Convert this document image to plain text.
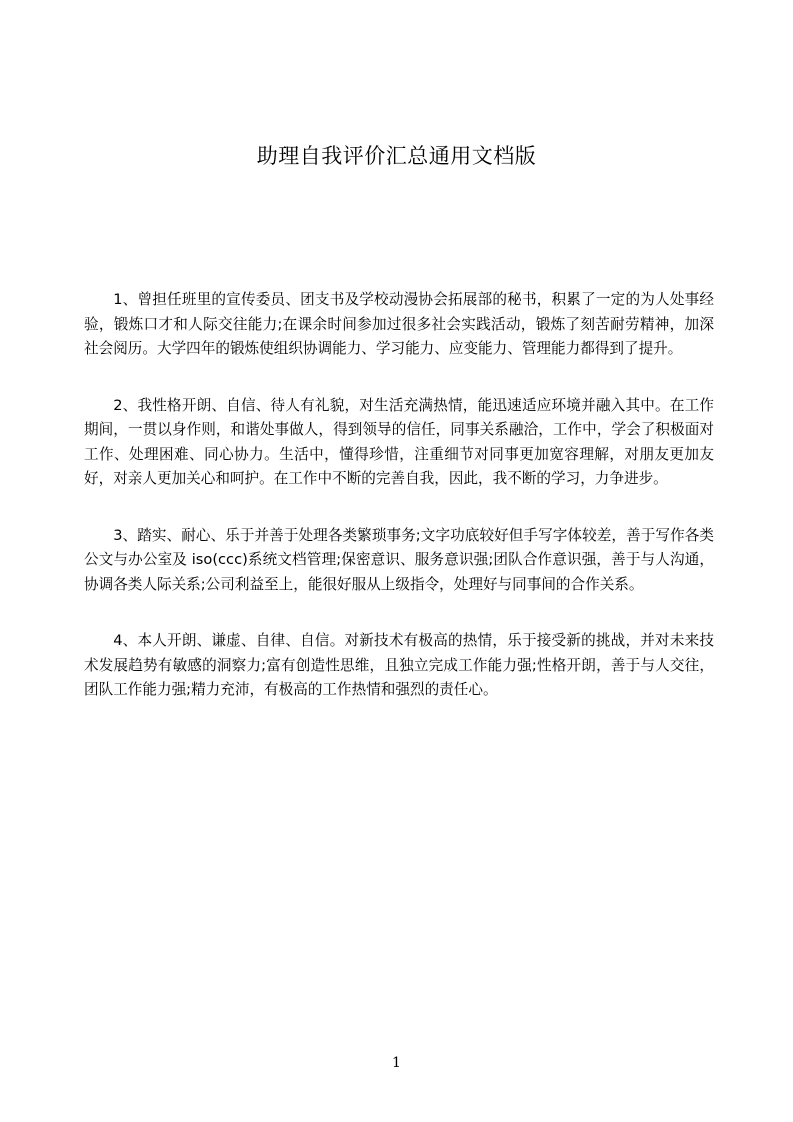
助理自我评价汇总通用文档版

1、曾担任班里的宣传委员、团支书及学校动漫协会拓展部的秘书，积累了一定的为人处事经验，锻炼口才和人际交往能力;在课余时间参加过很多社会实践活动，锻炼了刻苦耐劳精神，加深社会阅历。大学四年的锻炼使组织协调能力、学习能力、应变能力、管理能力都得到了提升。

2、我性格开朗、自信、待人有礼貌，对生活充满热情，能迅速适应环境并融入其中。在工作期间，一贯以身作则，和谐处事做人，得到领导的信任，同事关系融洽，工作中，学会了积极面对工作、处理困难、同心协力。生活中，懂得珍惜，注重细节对同事更加宽容理解，对朋友更加友好，对亲人更加关心和呵护。在工作中不断的完善自我，因此，我不断的学习，力争进步。

3、踏实、耐心、乐于并善于处理各类繁琐事务;文字功底较好但手写字体较差，善于写作各类公文与办公室及 iso(ccc)系统文档管理;保密意识、服务意识强;团队合作意识强，善于与人沟通，协调各类人际关系;公司利益至上，能很好服从上级指令，处理好与同事间的合作关系。

4、本人开朗、谦虚、自律、自信。对新技术有极高的热情，乐于接受新的挑战，并对未来技术发展趋势有敏感的洞察力;富有创造性思维，且独立完成工作能力强;性格开朗，善于与人交往，团队工作能力强;精力充沛，有极高的工作热情和强烈的责任心。

1
